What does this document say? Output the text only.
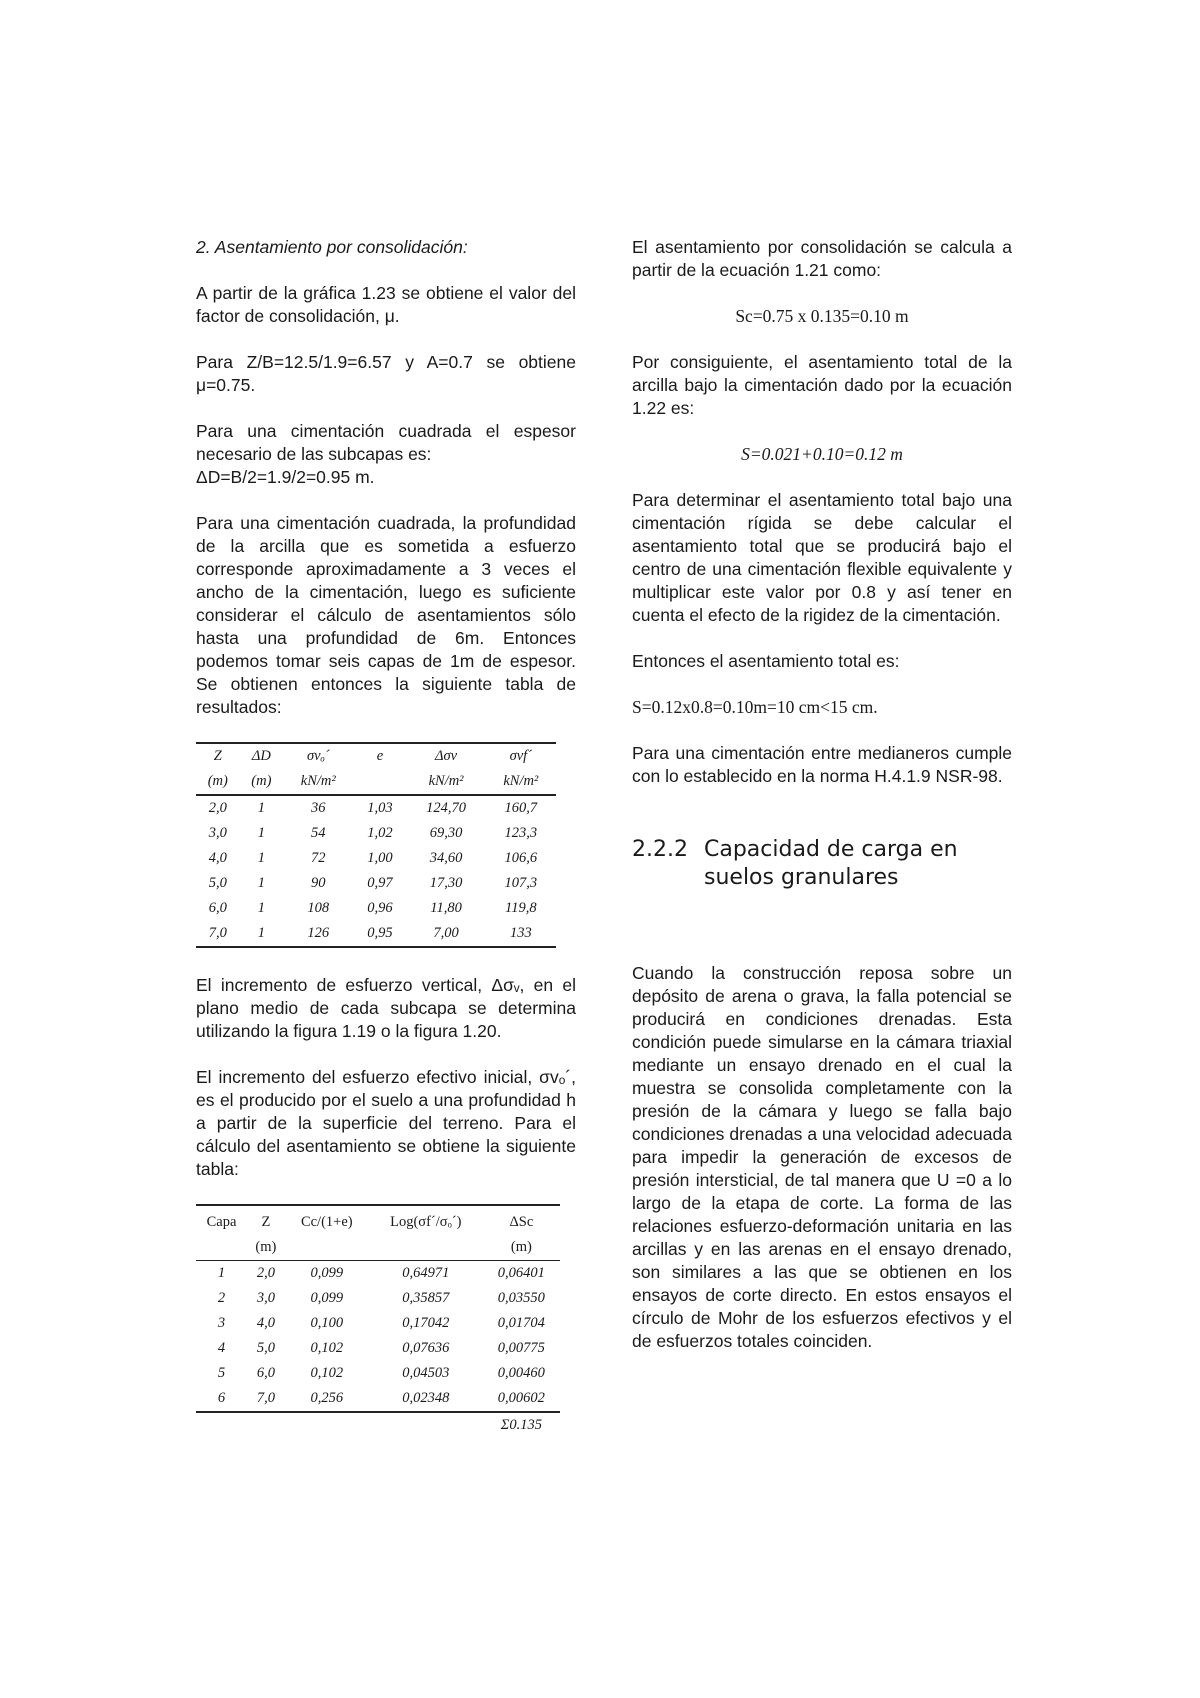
2. Asentamiento por consolidación:

A partir de la gráfica 1.23 se obtiene el valor del factor de consolidación, μ.

Para Z/B=12.5/1.9=6.57 y A=0.7 se obtiene μ=0.75.

Para una cimentación cuadrada el espesor necesario de las subcapas es:
ΔD=B/2=1.9/2=0.95 m.

Para una cimentación cuadrada, la profundidad de la arcilla que es sometida a esfuerzo corresponde aproximadamente a 3 veces el ancho de la cimentación, luego es suficiente considerar el cálculo de asentamientos sólo hasta una profundidad de 6m. Entonces podemos tomar seis capas de 1m de espesor. Se obtienen entonces la siguiente tabla de resultados:

Z	ΔD	σvₒ´	e	Δσv	σvf´
(m)	(m)	kN/m²		kN/m²	kN/m²
2,0	1	36	1,03	124,70	160,7
3,0	1	54	1,02	69,30	123,3
4,0	1	72	1,00	34,60	106,6
5,0	1	90	0,97	17,30	107,3
6,0	1	108	0,96	11,80	119,8
7,0	1	126	0,95	7,00	133

El incremento de esfuerzo vertical, Δσᵥ, en el plano medio de cada subcapa se determina utilizando la figura 1.19 o la figura 1.20.

El incremento del esfuerzo efectivo inicial, σvₒ´, es el producido por el suelo a una profundidad h a partir de la superficie del terreno. Para el cálculo del asentamiento se obtiene la siguiente tabla:

Capa	Z	Cc/(1+e)	Log(σf´/σₒ´)	ΔSc
	(m)			(m)
1	2,0	0,099	0,64971	0,06401
2	3,0	0,099	0,35857	0,03550
3	4,0	0,100	0,17042	0,01704
4	5,0	0,102	0,07636	0,00775
5	6,0	0,102	0,04503	0,00460
6	7,0	0,256	0,02348	0,00602
				Σ0.135

El asentamiento por consolidación se calcula a partir de la ecuación 1.21 como:

Sc=0.75 x 0.135=0.10 m

Por consiguiente, el asentamiento total de la arcilla bajo la cimentación dado por la ecuación 1.22 es:

S=0.021+0.10=0.12 m

Para determinar el asentamiento total bajo una cimentación rígida se debe calcular el asentamiento total que se producirá bajo el centro de una cimentación flexible equivalente y multiplicar este valor por 0.8 y así tener en cuenta el efecto de la rigidez de la cimentación.

Entonces el asentamiento total es:

S=0.12x0.8=0.10m=10 cm<15 cm.

Para una cimentación entre medianeros cumple con lo establecido en la norma H.4.1.9 NSR-98.

2.2.2 Capacidad de carga en suelos granulares

Cuando la construcción reposa sobre un depósito de arena o grava, la falla potencial se producirá en condiciones drenadas. Esta condición puede simularse en la cámara triaxial mediante un ensayo drenado en el cual la muestra se consolida completamente con la presión de la cámara y luego se falla bajo condiciones drenadas a una velocidad adecuada para impedir la generación de excesos de presión intersticial, de tal manera que U =0 a lo largo de la etapa de corte. La forma de las relaciones esfuerzo-deformación unitaria en las arcillas y en las arenas en el ensayo drenado, son similares a las que se obtienen en los ensayos de corte directo. En estos ensayos el círculo de Mohr de los esfuerzos efectivos y el de esfuerzos totales coinciden.
